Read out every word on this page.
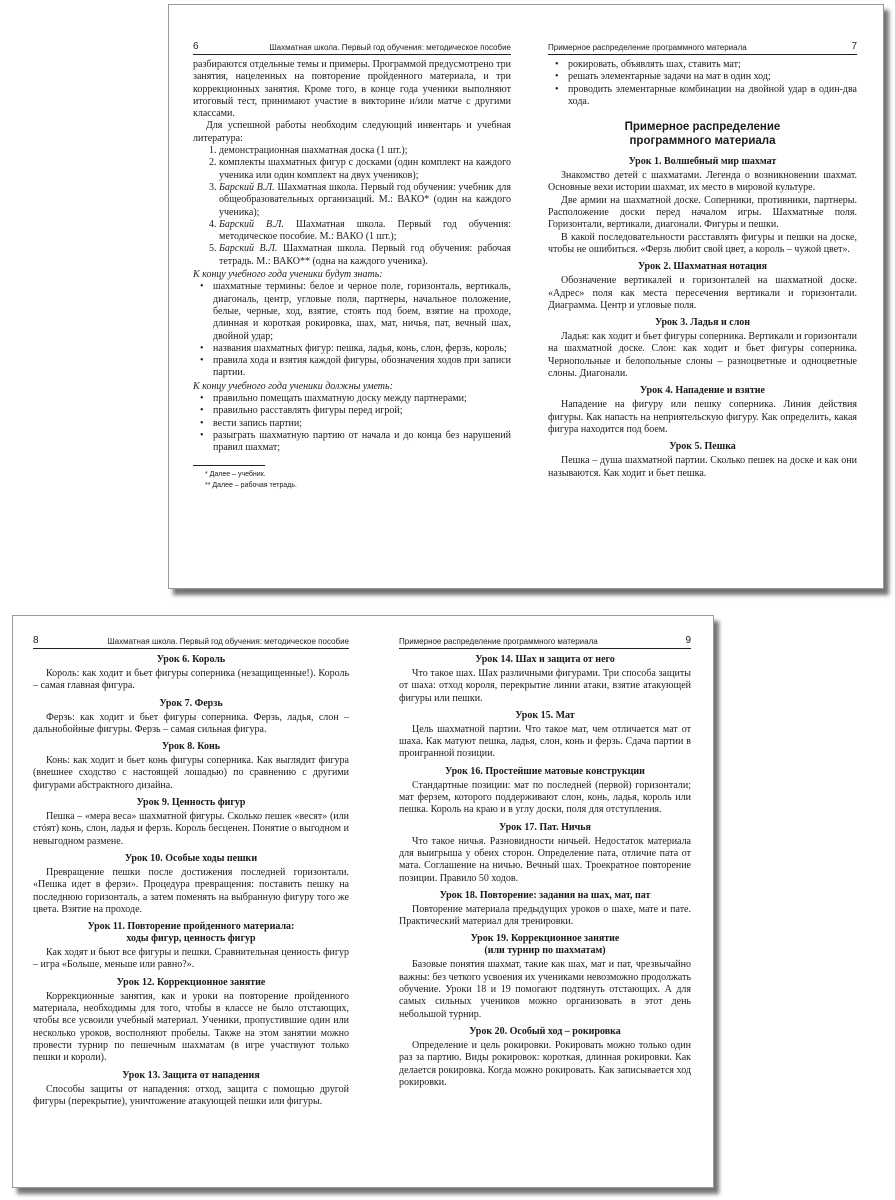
6	Шахматная школа. Первый год обучения: методическое пособие

разбираются отдельные темы и примеры. Программой предусмотрено три занятия, нацеленных на повторение пройденного материала, и три коррекционных занятия. Кроме того, в конце года ученики выполняют итоговый тест, принимают участие в викторине и/или матче с другими классами.

Для успешной работы необходим следующий инвентарь и учебная литература:

1. демонстрационная шахматная доска (1 шт.);
2. комплекты шахматных фигур с досками (один комплект на каждого ученика или один комплект на двух учеников);
3. Барский В.Л. Шахматная школа. Первый год обучения: учебник для общеобразовательных организаций. М.: ВАКО* (один на каждого ученика);
4. Барский В.Л. Шахматная школа. Первый год обучения: методическое пособие. М.: ВАКО (1 шт.);
5. Барский В.Л. Шахматная школа. Первый год обучения: рабочая тетрадь. М.: ВАКО** (одна на каждого ученика).

К концу учебного года ученики будут знать:

• шахматные термины: белое и черное поле, горизонталь, вертикаль, диагональ, центр, угловые поля, партнеры, начальное положение, белые, черные, ход, взятие, стоять под боем, взятие на проходе, длинная и короткая рокировка, шах, мат, ничья, пат, вечный шах, двойной удар;
• названия шахматных фигур: пешка, ладья, конь, слон, ферзь, король;
• правила хода и взятия каждой фигуры, обозначения ходов при записи партии.

К концу учебного года ученики должны уметь:

• правильно помещать шахматную доску между партнерами;
• правильно расставлять фигуры перед игрой;
• вести запись партии;
• разыграть шахматную партию от начала и до конца без нарушений правил шахмат;
* Далее – учебник.
** Далее – рабочая тетрадь.
Примерное распределение программного материала	7
• рокировать, объявлять шах, ставить мат;
• решать элементарные задачи на мат в один ход;
• проводить элементарные комбинации на двойной удар в один-два хода.
Примерное распределение
программного материала
Урок 1. Волшебный мир шахмат

Знакомство детей с шахматами. Легенда о возникновении шахмат. Основные вехи истории шахмат, их место в мировой культуре.

Две армии на шахматной доске. Соперники, противники, партнеры. Расположение доски перед началом игры. Шахматные поля. Горизонтали, вертикали, диагонали. Фигуры и пешки.

В какой последовательности расставлять фигуры и пешки на доске, чтобы не ошибиться. «Ферзь любит свой цвет, а король – чужой цвет».

Урок 2. Шахматная нотация

Обозначение вертикалей и горизонталей на шахматной доске. «Адрес» поля как места пересечения вертикали и горизонтали. Диаграмма. Центр и угловые поля.

Урок 3. Ладья и слон

Ладья: как ходит и бьет фигуры соперника. Вертикали и горизонтали на шахматной доске. Слон: как ходит и бьет фигуры соперника. Чернопольные и белопольные слоны – разноцветные и одноцветные слоны. Диагонали.

Урок 4. Нападение и взятие

Нападение на фигуру или пешку соперника. Линия действия фигуры. Как напасть на неприятельскую фигуру. Как определить, какая фигура находится под боем.

Урок 5. Пешка

Пешка – душа шахматной партии. Сколько пешек на доске и как они называются. Как ходит и бьет пешка.

8	Шахматная школа. Первый год обучения: методическое пособие
Урок 6. Король

Король: как ходит и бьет фигуры соперника (незащищенные!). Король – самая главная фигура.

Урок 7. Ферзь

Ферзь: как ходит и бьет фигуры соперника. Ферзь, ладья, слон – дальнобойные фигуры. Ферзь – самая сильная фигура.

Урок 8. Конь

Конь: как ходит и бьет конь фигуры соперника. Как выглядит фигура (внешнее сходство с настоящей лошадью) по сравнению с другими фигурами абстрактного дизайна.

Урок 9. Ценность фигур

Пешка – «мера веса» шахматной фигуры. Сколько пешек «весят» (или стóят) конь, слон, ладья и ферзь. Король бесценен. Понятие о выгодном и невыгодном размене.

Урок 10. Особые ходы пешки

Превращение пешки после достижения последней горизонтали. «Пешка идет в ферзи». Процедура превращения: поставить пешку на последнюю горизонталь, а затем поменять на выбранную фигуру того же цвета. Взятие на проходе.

Урок 11. Повторение пройденного материала:
ходы фигур, ценность фигур

Как ходят и бьют все фигуры и пешки. Сравнительная ценность фигур – игра «Больше, меньше или равно?».

Урок 12. Коррекционное занятие

Коррекционные занятия, как и уроки на повторение пройденного материала, необходимы для того, чтобы в классе не было отстающих, чтобы все усвоили учебный материал. Ученики, пропустившие один или несколько уроков, восполняют пробелы. Также на этом занятии можно провести турнир по пешечным шахматам (в игре участвуют только пешки и короли).

Урок 13. Защита от нападения

Способы защиты от нападения: отход, защита с помощью другой фигуры (перекрытие), уничтожение атакующей пешки или фигуры.

Примерное распределение программного материала	9
Урок 14. Шах и защита от него

Что такое шах. Шах различными фигурами. Три способа защиты от шаха: отход короля, перекрытие линии атаки, взятие атакующей фигуры или пешки.

Урок 15. Мат

Цель шахматной партии. Что такое мат, чем отличается мат от шаха. Как матуют пешка, ладья, слон, конь и ферзь. Сдача партии в проигранной позиции.

Урок 16. Простейшие матовые конструкции

Стандартные позиции: мат по последней (первой) горизонтали; мат ферзем, которого поддерживают слон, конь, ладья, король или пешка. Король на краю и в углу доски, поля для отступления.

Урок 17. Пат. Ничья

Что такое ничья. Разновидности ничьей. Недостаток материала для выигрыша у обеих сторон. Определение пата, отличие пата от мата. Соглашение на ничью. Вечный шах. Троекратное повторение позиции. Правило 50 ходов.

Урок 18. Повторение: задания на шах, мат, пат

Повторение материала предыдущих уроков о шахе, мате и пате. Практический материал для тренировки.

Урок 19. Коррекционное занятие
(или турнир по шахматам)

Базовые понятия шахмат, такие как шах, мат и пат, чрезвычайно важны: без четкого усвоения их учениками невозможно продолжать обучение. Уроки 18 и 19 помогают подтянуть отстающих. А для самых сильных учеников можно организовать в этот день небольшой турнир.

Урок 20. Особый ход – рокировка

Определение и цель рокировки. Рокировать можно только один раз за партию. Виды рокировок: короткая, длинная рокировки. Как делается рокировка. Когда можно рокировать. Как записывается ход рокировки.
